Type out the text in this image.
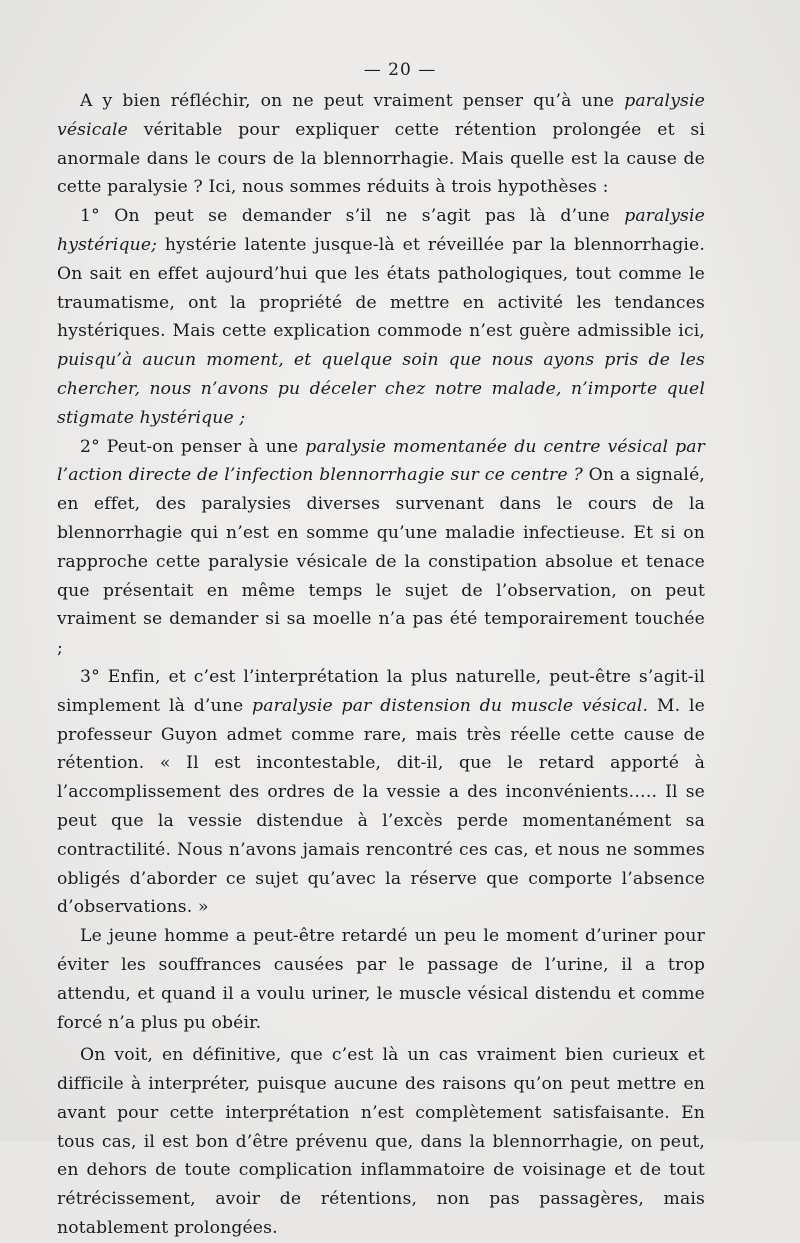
— 20 —

A y bien réfléchir, on ne peut vraiment penser qu’à une paralysie vésicale véritable pour expliquer cette rétention prolongée et si anormale dans le cours de la blennorrhagie. Mais quelle est la cause de cette paralysie ? Ici, nous sommes réduits à trois hypothèses :

1° On peut se demander s’il ne s’agit pas là d’une paralysie hystérique; hystérie latente jusque-là et réveillée par la blennorrhagie. On sait en effet aujourd’hui que les états pathologiques, tout comme le traumatisme, ont la propriété de mettre en activité les tendances hystériques. Mais cette explication commode n’est guère admissible ici, puisqu’à aucun moment, et quelque soin que nous ayons pris de les chercher, nous n’avons pu déceler chez notre malade, n’importe quel stigmate hystérique ;

2° Peut-on penser à une paralysie momentanée du centre vésical par l’action directe de l’infection blennorrhagie sur ce centre ? On a signalé, en effet, des paralysies diverses survenant dans le cours de la blennorrhagie qui n’est en somme qu’une maladie infectieuse. Et si on rapproche cette paralysie vésicale de la constipation absolue et tenace que présentait en même temps le sujet de l’observation, on peut vraiment se demander si sa moelle n’a pas été temporairement touchée ;

3° Enfin, et c’est l’interprétation la plus naturelle, peut-être s’agit-il simplement là d’une paralysie par distension du muscle vésical. M. le professeur Guyon admet comme rare, mais très réelle cette cause de rétention. « Il est incontestable, dit-il, que le retard apporté à l’accomplissement des ordres de la vessie a des inconvénients….. Il se peut que la vessie distendue à l’excès perde momentanément sa contractilité. Nous n’avons jamais rencontré ces cas, et nous ne sommes obligés d’aborder ce sujet qu’avec la réserve que comporte l’absence d’observations. »

Le jeune homme a peut-être retardé un peu le moment d’uriner pour éviter les souffrances causées par le passage de l’urine, il a trop attendu, et quand il a voulu uriner, le muscle vésical distendu et comme forcé n’a plus pu obéir.

On voit, en définitive, que c’est là un cas vraiment bien curieux et difficile à interpréter, puisque aucune des raisons qu’on peut mettre en avant pour cette interprétation n’est complètement satisfaisante. En tous cas, il est bon d’être prévenu que, dans la blennorrhagie, on peut, en dehors de toute complication inflammatoire de voisinage et de tout rétrécissement, avoir de rétentions, non pas passagères, mais notablement prolongées.
